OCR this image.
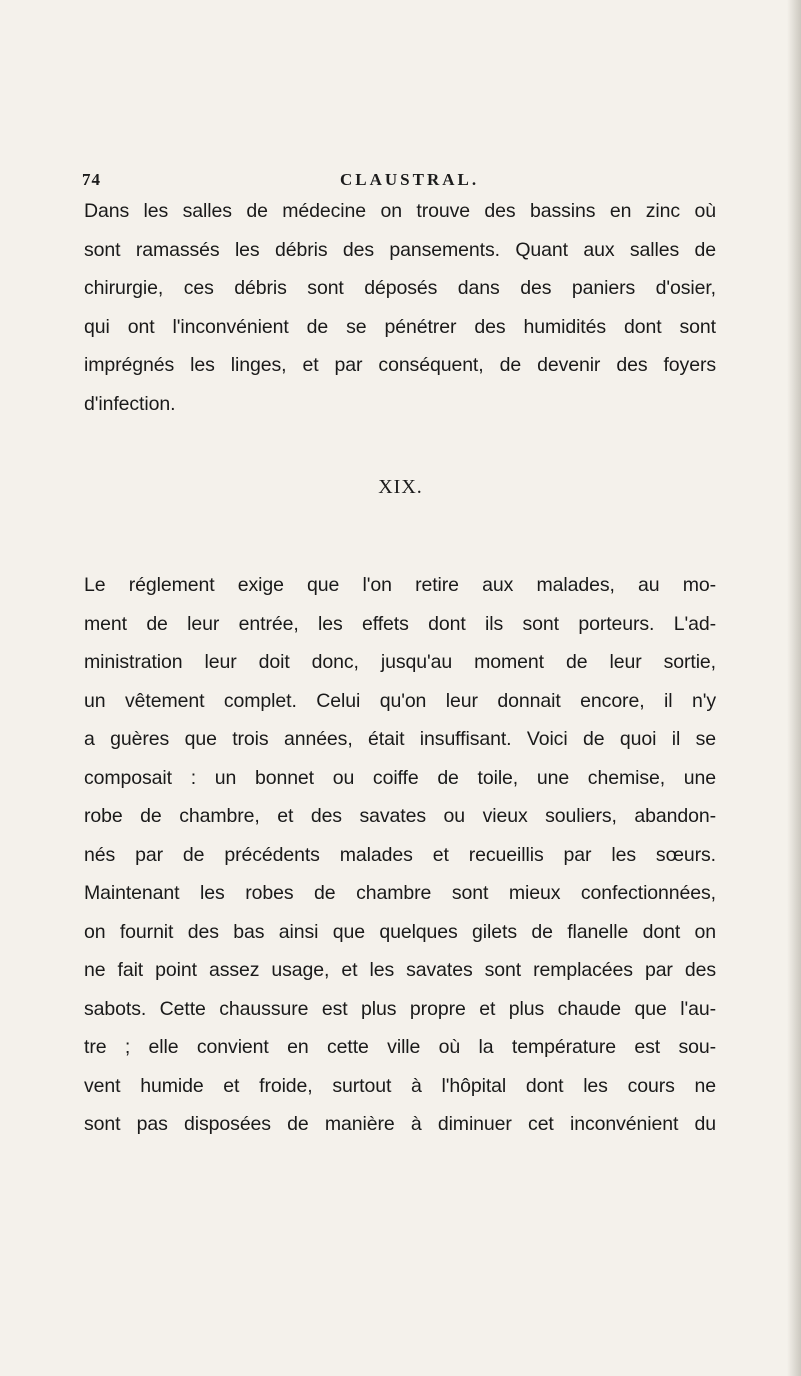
74	CLAUSTRAL.
Dans les salles de médecine on trouve des bassins en zinc où
sont ramassés les débris des pansements. Quant aux salles de
chirurgie, ces débris sont déposés dans des paniers d'osier,
qui ont l'inconvénient de se pénétrer des humidités dont sont
imprégnés les linges, et par conséquent, de devenir des foyers
d'infection.
XIX.
Le réglement exige que l'on retire aux malades, au mo-
ment de leur entrée, les effets dont ils sont porteurs. L'ad-
ministration leur doit donc, jusqu'au moment de leur sortie,
un vêtement complet. Celui qu'on leur donnait encore, il n'y
a guères que trois années, était insuffisant. Voici de quoi il se
composait : un bonnet ou coiffe de toile, une chemise, une
robe de chambre, et des savates ou vieux souliers, abandon-
nés par de précédents malades et recueillis par les sœurs.
Maintenant les robes de chambre sont mieux confectionnées,
on fournit des bas ainsi que quelques gilets de flanelle dont on
ne fait point assez usage, et les savates sont remplacées par des
sabots. Cette chaussure est plus propre et plus chaude que l'au-
tre ; elle convient en cette ville où la température est sou-
vent humide et froide, surtout à l'hôpital dont les cours ne
sont pas disposées de manière à diminuer cet inconvénient du
